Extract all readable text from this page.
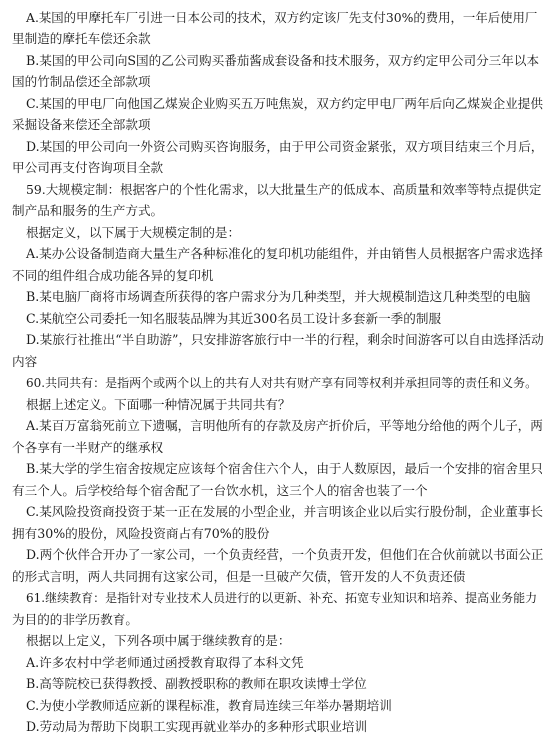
A.某国的甲摩托车厂引进一日本公司的技术，双方约定该厂先支付30%的费用，一年后使用厂
里制造的摩托车偿还余款
B.某国的甲公司向S国的乙公司购买番茄酱成套设备和技术服务，双方约定甲公司分三年以本
国的竹制品偿还全部款项
C.某国的甲电厂向他国乙煤炭企业购买五万吨焦炭，双方约定甲电厂两年后向乙煤炭企业提供
采掘设备来偿还全部款项
D.某国的甲公司向一外资公司购买咨询服务，由于甲公司资金紧张，双方项目结束三个月后，
甲公司再支付咨询项目全款
59.大规模定制：根据客户的个性化需求，以大批量生产的低成本、高质量和效率等特点提供定
制产品和服务的生产方式。
根据定义，以下属于大规模定制的是：
A.某办公设备制造商大量生产各种标准化的复印机功能组件，并由销售人员根据客户需求选择
不同的组件组合成功能各异的复印机
B.某电脑厂商将市场调查所获得的客户需求分为几种类型，并大规模制造这几种类型的电脑
C.某航空公司委托一知名服装品牌为其近300名员工设计多套新一季的制服
D.某旅行社推出“半自助游”，只安排游客旅行中一半的行程，剩余时间游客可以自由选择活动
内容
60.共同共有：是指两个或两个以上的共有人对共有财产享有同等权利并承担同等的责任和义务。
根据上述定义。下面哪一种情况属于共同共有？
A.某百万富翁死前立下遗嘱，言明他所有的存款及房产折价后，平等地分给他的两个儿子，两
个各享有一半财产的继承权
B.某大学的学生宿舍按规定应该每个宿舍住六个人，由于人数原因，最后一个安排的宿舍里只
有三个人。后学校给每个宿舍配了一台饮水机，这三个人的宿舍也装了一个
C.某风险投资商投资于某一正在发展的小型企业，并言明该企业以后实行股份制，企业董事长
拥有30%的股份，风险投资商占有70%的股份
D.两个伙伴合开办了一家公司，一个负责经营，一个负责开发，但他们在合伙前就以书面公正
的形式言明，两人共同拥有这家公司，但是一旦破产欠债，管开发的人不负责还债
61.继续教育：是指针对专业技术人员进行的以更新、补充、拓宽专业知识和培养、提高业务能力
为目的的非学历教育。
根据以上定义，下列各项中属于继续教育的是：
A.许多农村中学老师通过函授教育取得了本科文凭
B.高等院校已获得教授、副教授职称的教师在职攻读博士学位
C.为使小学教师适应新的课程标准，教育局连续三年举办暑期培训
D.劳动局为帮助下岗职工实现再就业举办的多种形式职业培训
